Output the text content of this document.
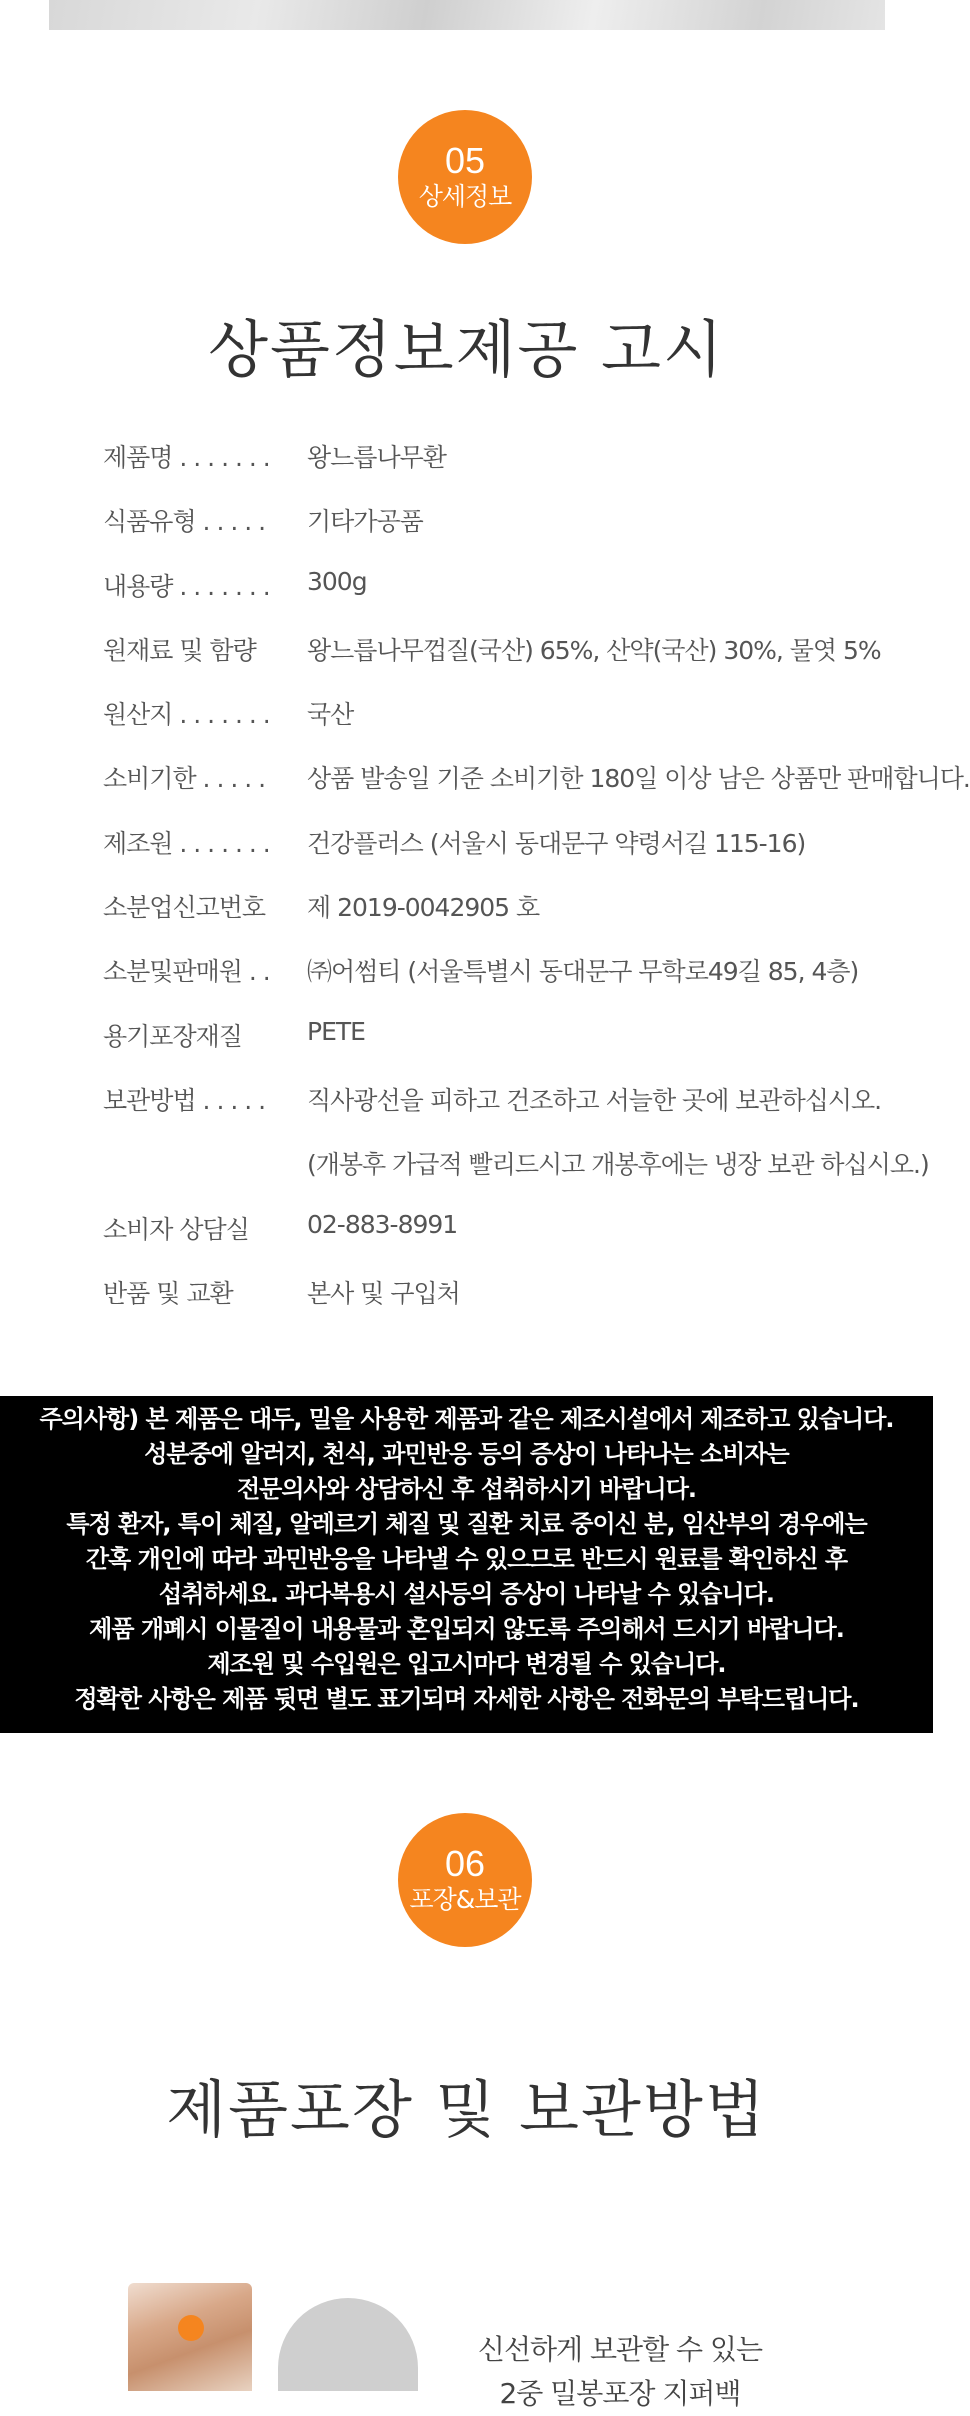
05
상세정보
상품정보제공 고시
제품명 . . . . . . .	왕느릅나무환
식품유형 . . . . .	기타가공품
내용량 . . . . . . .	300g
원재료 및 함량	왕느릅나무껍질(국산) 65%, 산약(국산) 30%, 물엿 5%
원산지 . . . . . . .	국산
소비기한 . . . . .	상품 발송일 기준 소비기한 180일 이상 남은 상품만 판매합니다.
제조원 . . . . . . .	건강플러스 (서울시 동대문구 약령서길 115-16)
소분업신고번호	제 2019-0042905 호
소분및판매원 . .	㈜어썸티 (서울특별시 동대문구 무학로49길 85, 4층)
용기포장재질	PETE
보관방법 . . . . .	직사광선을 피하고 건조하고 서늘한 곳에 보관하십시오.
(개봉후 가급적 빨리드시고 개봉후에는 냉장 보관 하십시오.)
소비자 상담실	02-883-8991
반품 및 교환	본사 및 구입처

주의사항) 본 제품은 대두, 밀을 사용한 제품과 같은 제조시설에서 제조하고 있습니다.

성분중에 알러지, 천식, 과민반응 등의 증상이 나타나는 소비자는

전문의사와 상담하신 후 섭취하시기 바랍니다.

특정 환자, 특이 체질, 알레르기 체질 및 질환 치료 중이신 분, 임산부의 경우에는

간혹 개인에 따라 과민반응을 나타낼 수 있으므로 반드시 원료를 확인하신 후

섭취하세요. 과다복용시 설사등의 증상이 나타날 수 있습니다.

제품 개폐시 이물질이 내용물과 혼입되지 않도록 주의해서 드시기 바랍니다.

제조원 및 수입원은 입고시마다 변경될 수 있습니다.

정확한 사항은 제품 뒷면 별도 표기되며 자세한 사항은 전화문의 부탁드립니다.

06
포장&보관
제품포장 및 보관방법
신선하게 보관할 수 있는
2중 밀봉포장 지퍼백
